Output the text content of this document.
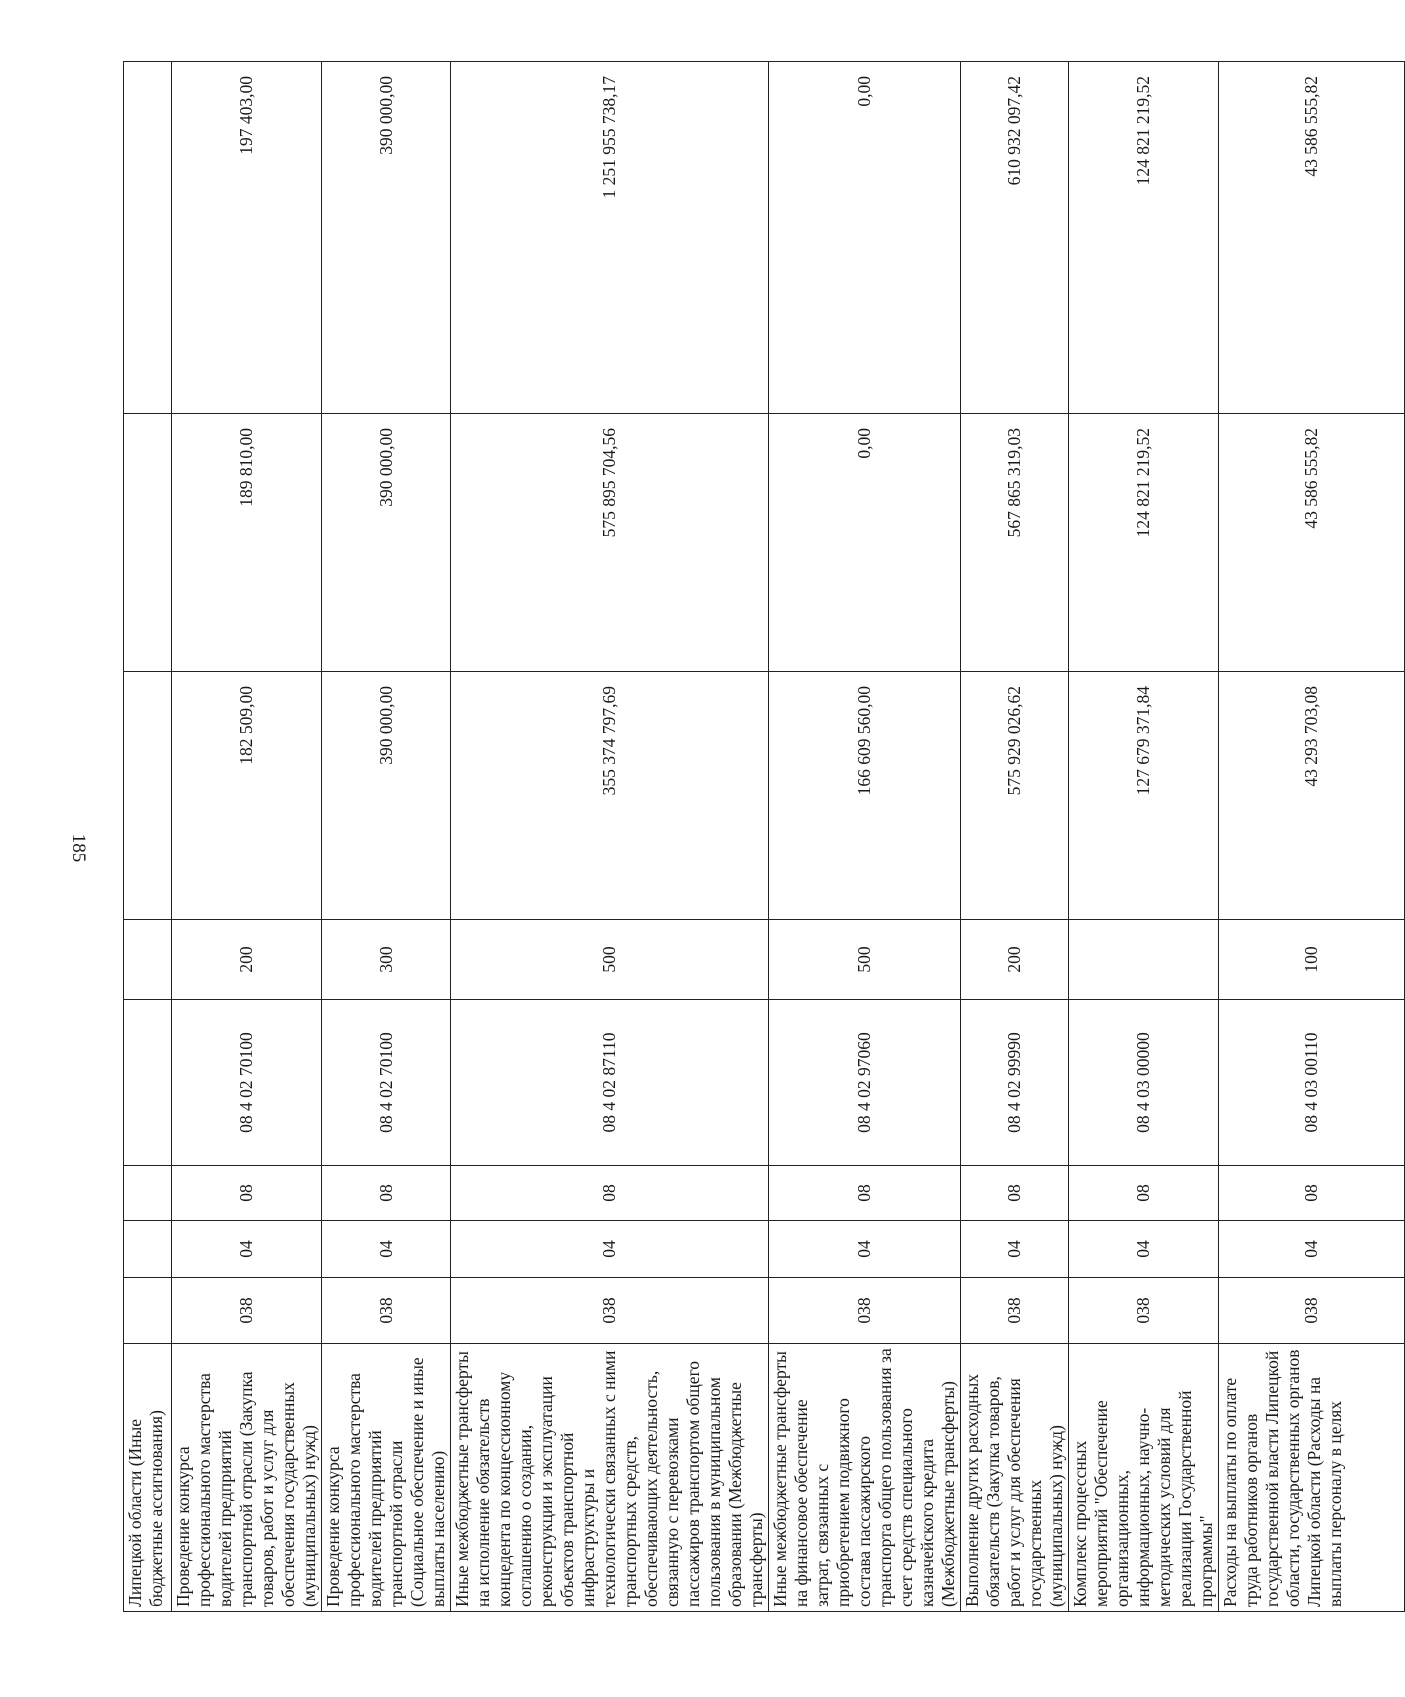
185
Липецкой области (Иные бюджетные ассигнования)								
Проведение конкурса профессионального мастерства водителей предприятий транспортной отрасли (Закупка товаров, работ и услуг для обеспечения государственных (муниципальных) нужд)	038	04	08	08 4 02 70100	200	182 509,00	189 810,00	197 403,00
Проведение конкурса профессионального мастерства водителей предприятий транспортной отрасли (Социальное обеспечение и иные выплаты населению)	038	04	08	08 4 02 70100	300	390 000,00	390 000,00	390 000,00
Иные межбюджетные трансферты на исполнение обязательств концедента по концессионному соглашению о создании, реконструкции и эксплуатации объектов транспортной инфраструктуры и технологически связанных с ними транспортных средств, обеспечивающих деятельность, связанную с перевозками пассажиров транспортом общего пользования в муниципальном образовании (Межбюджетные трансферты)	038	04	08	08 4 02 87110	500	355 374 797,69	575 895 704,56	1 251 955 738,17
Иные межбюджетные трансферты на финансовое обеспечение затрат, связанных с приобретением подвижного состава пассажирского транспорта общего пользования за счет средств специального казначейского кредита (Межбюджетные трансферты)	038	04	08	08 4 02 97060	500	166 609 560,00	0,00	0,00
Выполнение других расходных обязательств (Закупка товаров, работ и услуг для обеспечения государственных (муниципальных) нужд)	038	04	08	08 4 02 99990	200	575 929 026,62	567 865 319,03	610 932 097,42
Комплекс процессных мероприятий "Обеспечение организационных, информационных, научно-методических условий для реализации Государственной программы"	038	04	08	08 4 03 00000		127 679 371,84	124 821 219,52	124 821 219,52
Расходы на выплаты по оплате труда работников органов государственной власти Липецкой области, государственных органов Липецкой области (Расходы на выплаты персоналу в целях	038	04	08	08 4 03 00110	100	43 293 703,08	43 586 555,82	43 586 555,82
